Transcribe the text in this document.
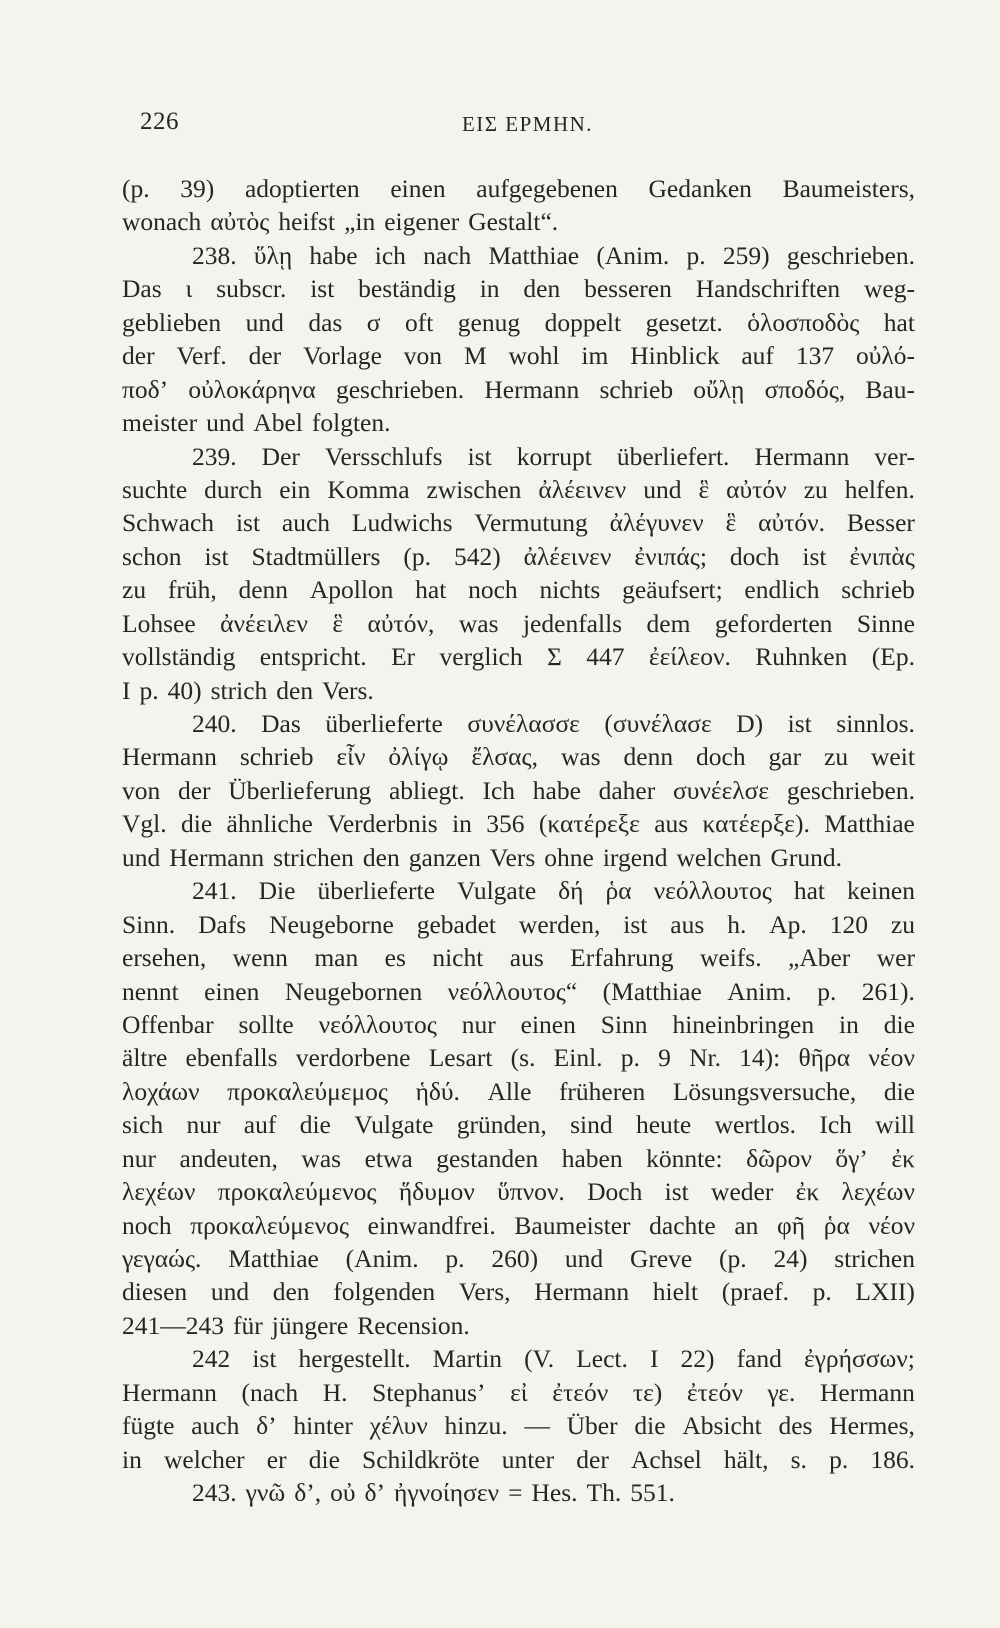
226	ΕΙΣ ΕΡΜΗΝ.
(p. 39) adoptierten einen aufgegebenen Gedanken Baumeisters,
wonach αὐτὸς heifst „in eigener Gestalt“.
238. ὕλῃ habe ich nach Matthiae (Anim. p. 259) geschrieben.
Das ι subscr. ist beständig in den besseren Handschriften weg-
geblieben und das σ oft genug doppelt gesetzt. ὁλοσποδὸς hat
der Verf. der Vorlage von M wohl im Hinblick auf 137 οὐλό-
ποδ’ οὐλοκάρηνα geschrieben. Hermann schrieb οὔλῃ σποδός, Bau-
meister und Abel folgten.
239. Der Versschlufs ist korrupt überliefert. Hermann ver-
suchte durch ein Komma zwischen ἀλέεινεν und ἓ αὐτόν zu helfen.
Schwach ist auch Ludwichs Vermutung ἀλέγυνεν ἓ αὐτόν. Besser
schon ist Stadtmüllers (p. 542) ἀλέεινεν ἐνιπάς; doch ist ἐνιπὰς
zu früh, denn Apollon hat noch nichts geäufsert; endlich schrieb
Lohsee ἀνέειλεν ἓ αὐτόν, was jedenfalls dem geforderten Sinne
vollständig entspricht. Er verglich Σ 447 ἐείλεον. Ruhnken (Ep.
I p. 40) strich den Vers.
240. Das überlieferte συνέλασσε (συνέλασε D) ist sinnlos.
Hermann schrieb εἶν ὀλίγῳ ἔλσας, was denn doch gar zu weit
von der Überlieferung abliegt. Ich habe daher συνέελσε geschrieben.
Vgl. die ähnliche Verderbnis in 356 (κατέρεξε aus κατέερξε). Matthiae
und Hermann strichen den ganzen Vers ohne irgend welchen Grund.
241. Die überlieferte Vulgate δή ῥα νεόλλουτος hat keinen
Sinn. Dafs Neugeborne gebadet werden, ist aus h. Ap. 120 zu
ersehen, wenn man es nicht aus Erfahrung weifs. „Aber wer
nennt einen Neugebornen νεόλλουτος“ (Matthiae Anim. p. 261).
Offenbar sollte νεόλλουτος nur einen Sinn hineinbringen in die
ältre ebenfalls verdorbene Lesart (s. Einl. p. 9 Nr. 14): θῆρα νέον
λοχάων προκαλεύμεμος ἡδύ. Alle früheren Lösungsversuche, die
sich nur auf die Vulgate gründen, sind heute wertlos. Ich will
nur andeuten, was etwa gestanden haben könnte: δῶρον ὅγ’ ἐκ
λεχέων προκαλεύμενος ἥδυμον ὕπνον. Doch ist weder ἐκ λεχέων
noch προκαλεύμενος einwandfrei. Baumeister dachte an φῆ ῥα νέον
γεγαώς. Matthiae (Anim. p. 260) und Greve (p. 24) strichen
diesen und den folgenden Vers, Hermann hielt (praef. p. LXII)
241—243 für jüngere Recension.
242 ist hergestellt. Martin (V. Lect. I 22) fand ἐγρήσσων;
Hermann (nach H. Stephanus’ εἰ ἐτεόν τε) ἐτεόν γε. Hermann
fügte auch δ’ hinter χέλυν hinzu. — Über die Absicht des Hermes,
in welcher er die Schildkröte unter der Achsel hält, s. p. 186.
243. γνῶ δ’, οὐ δ’ ἠγνοίησεν = Hes. Th. 551.
